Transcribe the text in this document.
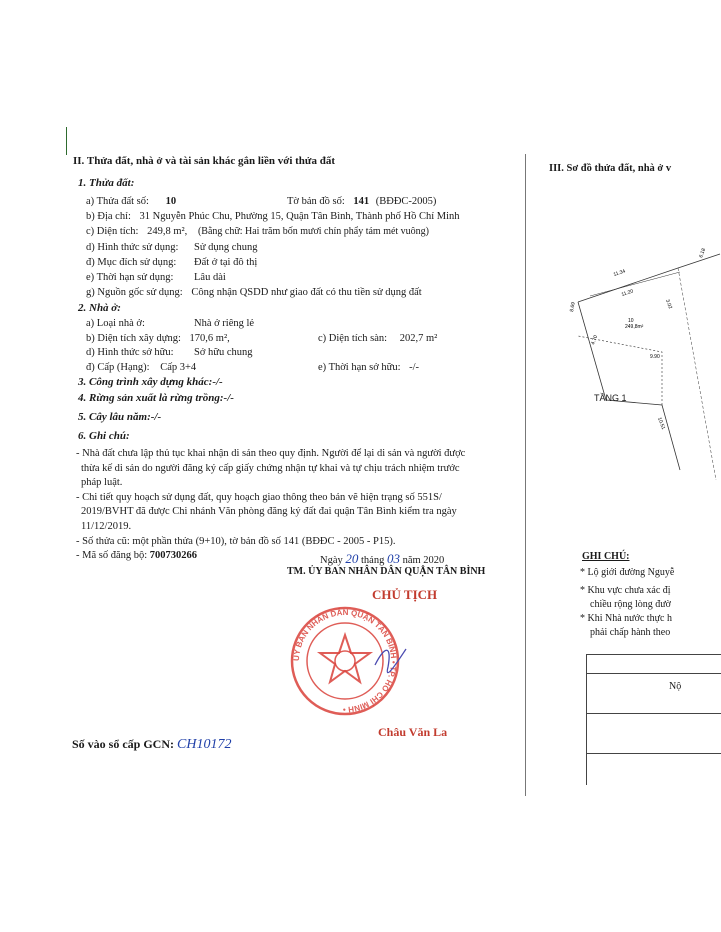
II. Thửa đất, nhà ở và tài sản khác gắn liền với thửa đất
1. Thửa đất:
a) Thửa đất số: 10	Tờ bản đồ số: 141 (BĐĐC-2005)
b) Địa chỉ: 31 Nguyễn Phúc Chu, Phường 15, Quận Tân Bình, Thành phố Hồ Chí Minh
c) Diện tích: 249,8 m², (Bằng chữ: Hai trăm bốn mươi chín phẩy tám mét vuông)
d) Hình thức sử dụng: Sử dụng chung
đ) Mục đích sử dụng: Đất ở tại đô thị
e) Thời hạn sử dụng: Lâu dài
g) Nguồn gốc sử dụng: Công nhận QSDD như giao đất có thu tiền sử dụng đất
2. Nhà ở:
a) Loại nhà ở:	Nhà ở riêng lẻ
b) Diện tích xây dựng: 170,6 m²,	c) Diện tích sàn: 202,7 m²
d) Hình thức sở hữu: Sở hữu chung
đ) Cấp (Hạng): Cấp 3+4	e) Thời hạn sở hữu: -/-
3. Công trình xây dựng khác:-/-
4. Rừng sản xuất là rừng trồng:-/-
5. Cây lâu năm:-/-
6. Ghi chú:
- Nhà đất chưa lập thủ tục khai nhận di sản theo quy định. Người để lại di sản và người được
thừa kế di sản do người đăng ký cấp giấy chứng nhận tự khai và tự chịu trách nhiệm trước
pháp luật.
- Chi tiết quy hoạch sử dụng đất, quy hoạch giao thông theo bản vẽ hiện trạng số 551S/
2019/BVHT đã được Chi nhánh Văn phòng đăng ký đất đai quận Tân Bình kiểm tra ngày
11/12/2019.
- Số thửa cũ: một phần thửa (9+10), tờ bản đồ số 141 (BĐĐC - 2005 - P15).
- Mã số đăng bộ: 700730266	Ngày 20 tháng 03 năm 2020
TM. ỦY BAN NHÂN DÂN QUẬN TÂN BÌNH
CHỦ TỊCH
ỦY BAN NHÂN DÂN QUẬN TÂN BÌNH • TP. HỒ CHÍ MINH •
Châu Văn La
Số vào sổ cấp GCN: CH10172
III. Sơ đồ thửa đất, nhà ở v
11.34
11.20
10
249,8m²
8.69
4.70
9.90
10.51
6.18
3.02
TẦNG 1
GHI CHÚ:
* Lộ giới đường Nguyễ
* Khu vực chưa xác đị
chiều rộng lòng đườ
* Khi Nhà nước thực h
phải chấp hành theo
Nộ
